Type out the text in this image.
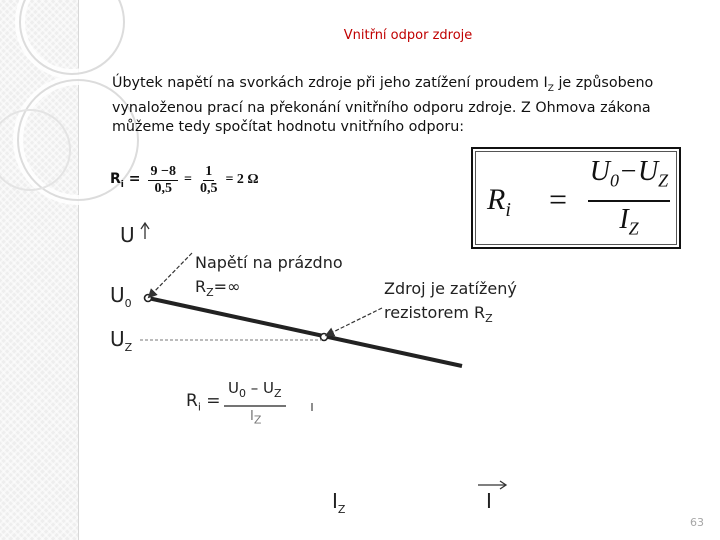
Vnitřní odpor zdroje
Úbytek napětí na svorkách zdroje při jeho zatížení proudem $I_Z$ je způsobeno vynaloženou prací na překonání vnitřního odporu zdroje. Z Ohmova zákona můžeme tedy spočítat hodnotu vnitřního odporu:
$R_i = \frac{9 -8}{0,5} = \frac{1}{0,5} = 2$ Ω
$R_i = \frac{U_0-U_Z}{I_Z}$
U
$U_0$
$U_Z$
Napětí na prázdno
$R_Z=\infty$	Zdroj je zatížený
rezistorem $R_Z$
$R_i$ =
$U_0 - U_Z$
$I_Z$
$I_Z$	I
63
